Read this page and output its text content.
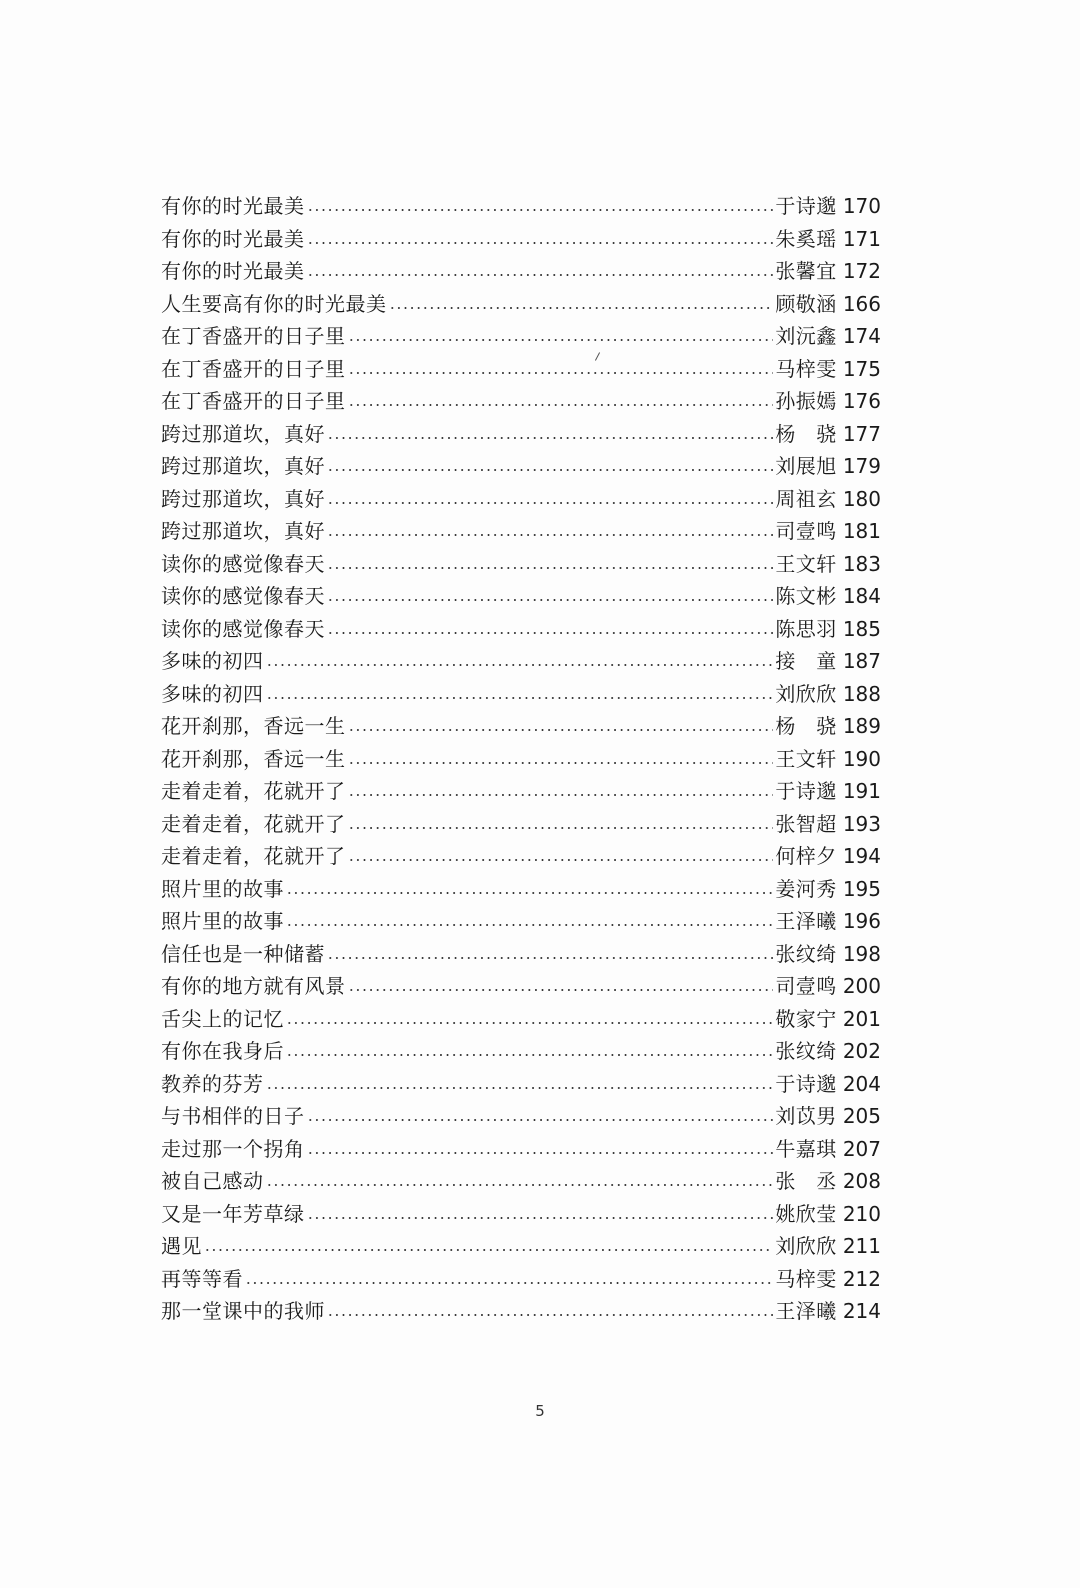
有你的时光最美	于诗邈 170
有你的时光最美	朱奚瑶 171
有你的时光最美	张馨宜 172
人生要高有你的时光最美	顾敬涵 166
在丁香盛开的日子里	刘沅鑫 174
在丁香盛开的日子里	马梓雯 175
在丁香盛开的日子里	孙振嫣 176
跨过那道坎，真好	杨　骁 177
跨过那道坎，真好	刘展旭 179
跨过那道坎，真好	周祖玄 180
跨过那道坎，真好	司壹鸣 181
读你的感觉像春天	王文轩 183
读你的感觉像春天	陈文彬 184
读你的感觉像春天	陈思羽 185
多味的初四	接　童 187
多味的初四	刘欣欣 188
花开刹那，香远一生	杨　骁 189
花开刹那，香远一生	王文轩 190
走着走着，花就开了	于诗邈 191
走着走着，花就开了	张智超 193
走着走着，花就开了	何梓夕 194
照片里的故事	姜河秀 195
照片里的故事	王泽曦 196
信任也是一种储蓄	张纹绮 198
有你的地方就有风景	司壹鸣 200
舌尖上的记忆	敬家宁 201
有你在我身后	张纹绮 202
教养的芬芳	于诗邈 204
与书相伴的日子	刘苡男 205
走过那一个拐角	牛嘉琪 207
被自己感动	张　丞 208
又是一年芳草绿	姚欣莹 210
遇见	刘欣欣 211
再等等看	马梓雯 212
那一堂课中的我师	王泽曦 214
5
